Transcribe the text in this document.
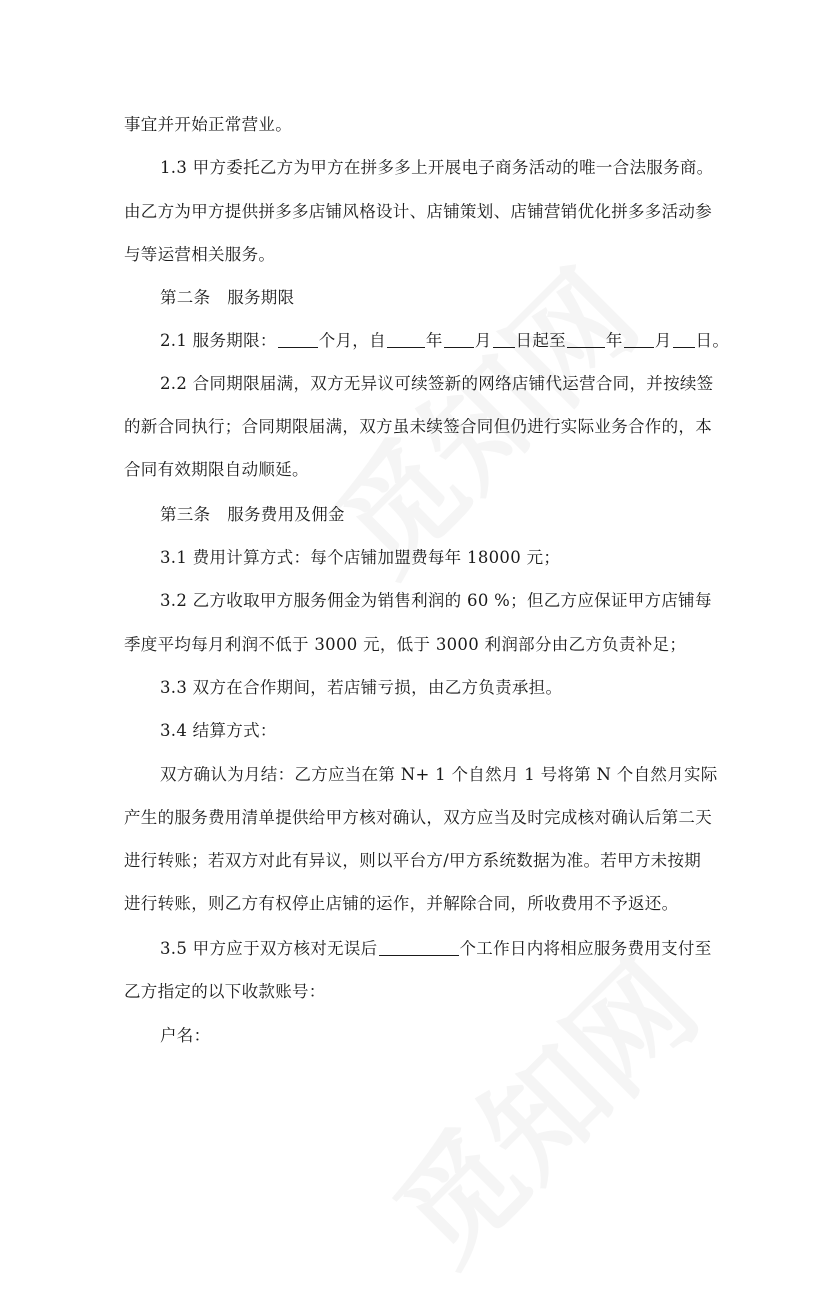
事宜并开始正常营业。
1.3 甲方委托乙方为甲方在拼多多上开展电子商务活动的唯一合法服务商。
由乙方为甲方提供拼多多店铺风格设计、店铺策划、店铺营销优化拼多多活动参
与等运营相关服务。
第二条　服务期限
2.1 服务期限：	个月，自 年 月 日起至 年 月 日。
2.2 合同期限届满，双方无异议可续签新的网络店铺代运营合同，并按续签
的新合同执行；合同期限届满，双方虽未续签合同但仍进行实际业务合作的，本
合同有效期限自动顺延。
第三条　服务费用及佣金
3.1 费用计算方式：每个店铺加盟费每年 18000 元；
3.2 乙方收取甲方服务佣金为销售利润的 60 %；但乙方应保证甲方店铺每
季度平均每月利润不低于 3000 元，低于 3000 利润部分由乙方负责补足；
3.3 双方在合作期间，若店铺亏损，由乙方负责承担。
3.4 结算方式：
双方确认为月结：乙方应当在第 N+ 1 个自然月 1 号将第 N 个自然月实际
产生的服务费用清单提供给甲方核对确认，双方应当及时完成核对确认后第二天
进行转账；若双方对此有异议，则以平台方/甲方系统数据为准。若甲方未按期
进行转账，则乙方有权停止店铺的运作，并解除合同，所收费用不予返还。
3.5 甲方应于双方核对无误后	个工作日内将相应服务费用支付至
乙方指定的以下收款账号：
户名：
